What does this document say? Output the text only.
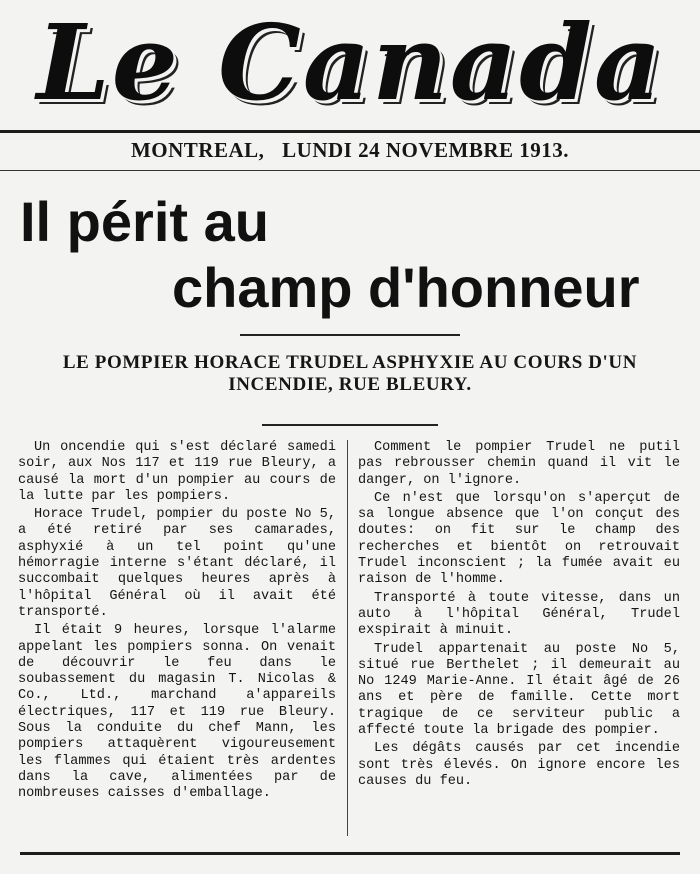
Le Canada
MONTREAL, LUNDI 24 NOVEMBRE 1913.
Il périt au
champ d'honneur
LE POMPIER HORACE TRUDEL ASPHYXIE AU COURS D'UN INCENDIE, RUE BLEURY.

Un oncendie qui s'est déclaré samedi soir, aux Nos 117 et 119 rue Bleury, a causé la mort d'un pompier au cours de la lutte par les pompiers.

Horace Trudel, pompier du poste No 5, a été retiré par ses camarades, asphyxié à un tel point qu'une hémorragie interne s'étant déclaré, il succombait quelques heures après à l'hôpital Général où il avait été transporté.

Il était 9 heures, lorsque l'alarme appelant les pompiers sonna. On venait de découvrir le feu dans le soubassement du magasin T. Nicolas & Co., Ltd., marchand a'appareils électriques, 117 et 119 rue Bleury. Sous la conduite du chef Mann, les pompiers attaquèrent vigoureusement les flammes qui étaient très ardentes dans la cave, alimentées par de nombreuses caisses d'emballage.

Comment le pompier Trudel ne putil pas rebrousser chemin quand il vit le danger, on l'ignore.

Ce n'est que lorsqu'on s'aperçut de sa longue absence que l'on conçut des doutes: on fit sur le champ des recherches et bientôt on retrouvait Trudel inconscient ; la fumée avait eu raison de l'homme.

Transporté à toute vitesse, dans un auto à l'hôpital Général, Trudel exspirait à minuit.

Trudel appartenait au poste No 5, situé rue Berthelet ; il demeurait au No 1249 Marie-Anne. Il était âgé de 26 ans et père de famille. Cette mort tragique de ce serviteur public a affecté toute la brigade des pompier.

Les dégâts causés par cet incendie sont très élevés. On ignore encore les causes du feu.
